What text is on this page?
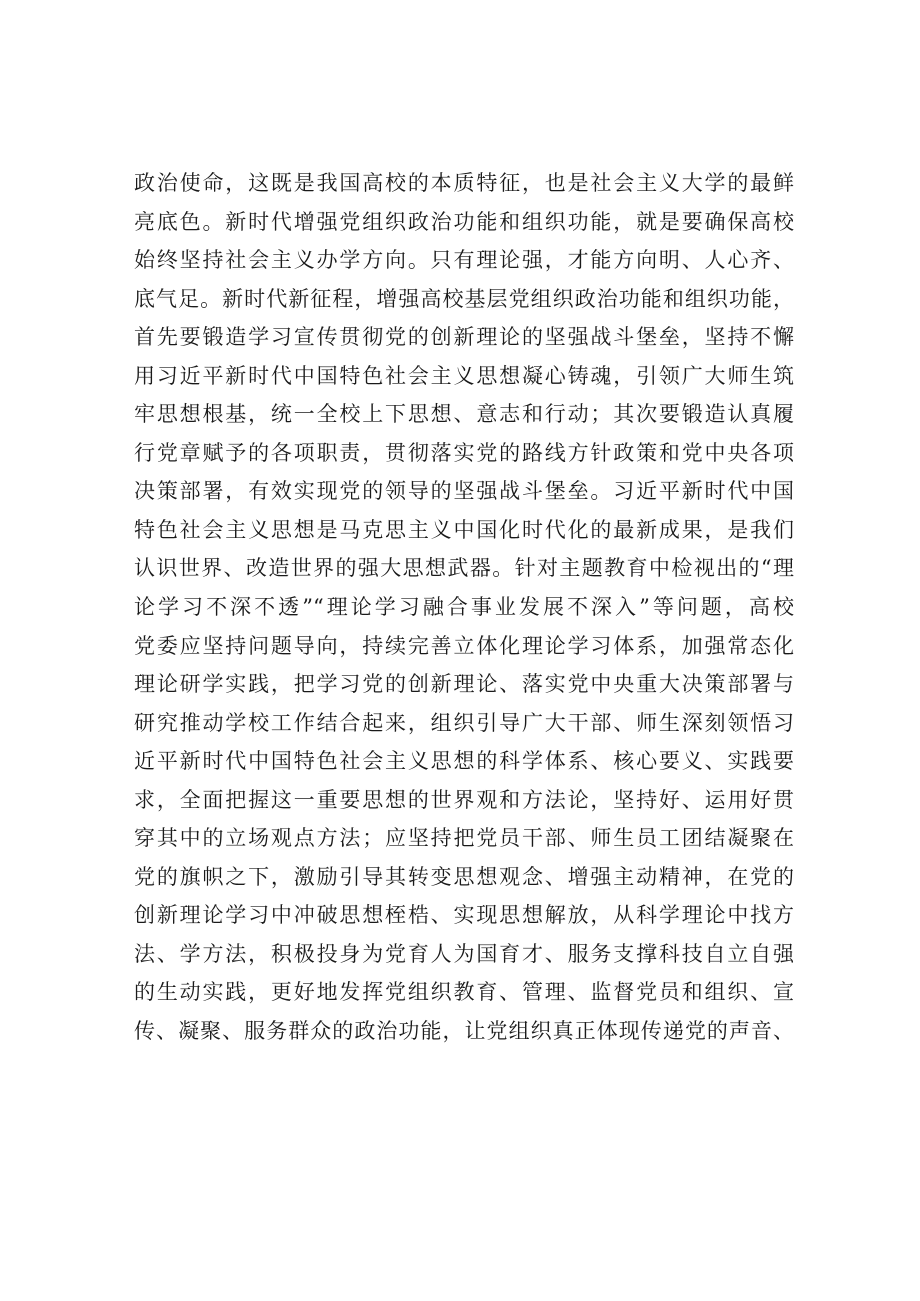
政治使命，这既是我国高校的本质特征，也是社会主义大学的最鲜
亮底色。新时代增强党组织政治功能和组织功能，就是要确保高校
始终坚持社会主义办学方向。只有理论强，才能方向明、人心齐、
底气足。新时代新征程，增强高校基层党组织政治功能和组织功能，
首先要锻造学习宣传贯彻党的创新理论的坚强战斗堡垒，坚持不懈
用习近平新时代中国特色社会主义思想凝心铸魂，引领广大师生筑
牢思想根基，统一全校上下思想、意志和行动；其次要锻造认真履
行党章赋予的各项职责，贯彻落实党的路线方针政策和党中央各项
决策部署，有效实现党的领导的坚强战斗堡垒。习近平新时代中国
特色社会主义思想是马克思主义中国化时代化的最新成果，是我们
认识世界、改造世界的强大思想武器。针对主题教育中检视出的“理
论学习不深不透”“理论学习融合事业发展不深入”等问题，高校
党委应坚持问题导向，持续完善立体化理论学习体系，加强常态化
理论研学实践，把学习党的创新理论、落实党中央重大决策部署与
研究推动学校工作结合起来，组织引导广大干部、师生深刻领悟习
近平新时代中国特色社会主义思想的科学体系、核心要义、实践要
求，全面把握这一重要思想的世界观和方法论，坚持好、运用好贯
穿其中的立场观点方法；应坚持把党员干部、师生员工团结凝聚在
党的旗帜之下，激励引导其转变思想观念、增强主动精神，在党的
创新理论学习中冲破思想桎梏、实现思想解放，从科学理论中找方
法、学方法，积极投身为党育人为国育才、服务支撑科技自立自强
的生动实践，更好地发挥党组织教育、管理、监督党员和组织、宣
传、凝聚、服务群众的政治功能，让党组织真正体现传递党的声音、
